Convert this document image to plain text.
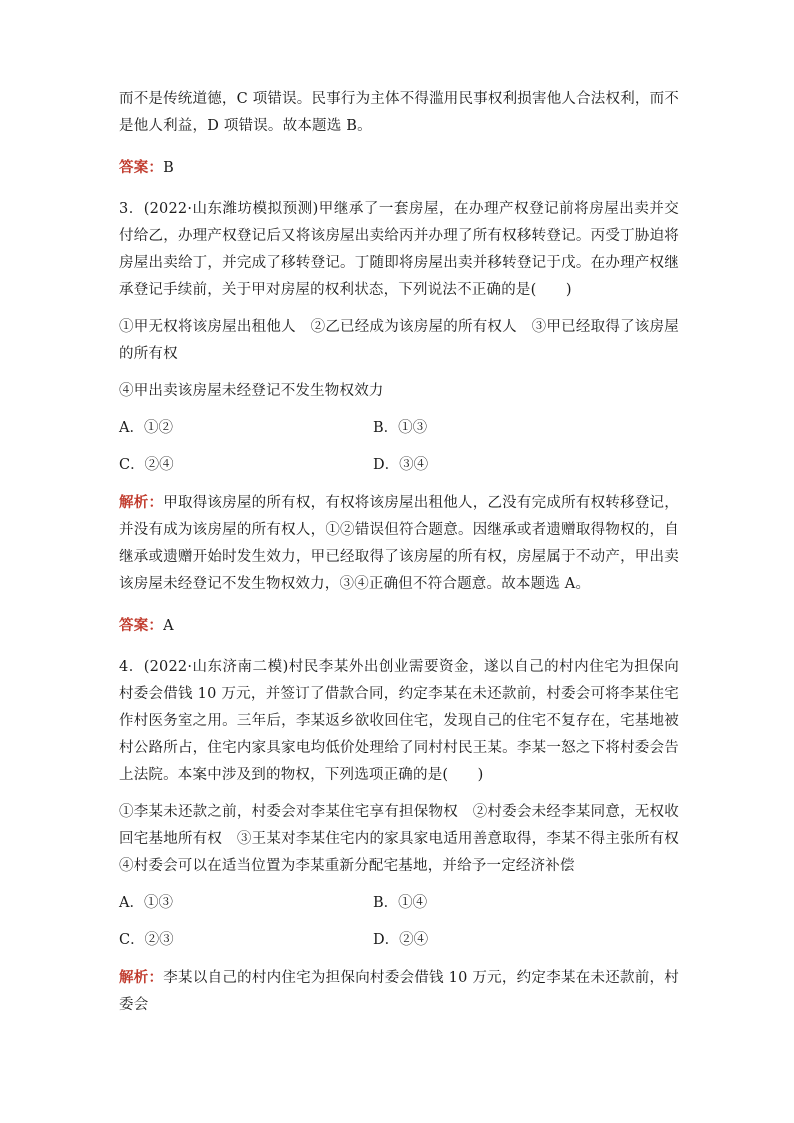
而不是传统道德，C 项错误。民事行为主体不得滥用民事权利损害他人合法权利，而不是他人利益，D 项错误。故本题选 B。

答案：B

3．(2022·山东潍坊模拟预测)甲继承了一套房屋，在办理产权登记前将房屋出卖并交付给乙，办理产权登记后又将该房屋出卖给丙并办理了所有权移转登记。丙受丁胁迫将房屋出卖给丁，并完成了移转登记。丁随即将房屋出卖并移转登记于戊。在办理产权继承登记手续前，关于甲对房屋的权利状态，下列说法不正确的是(　　)

①甲无权将该房屋出租他人　②乙已经成为该房屋的所有权人　③甲已经取得了该房屋的所有权

④甲出卖该房屋未经登记不发生物权效力

A．①②	B．①③
C．②④	D．③④

解析：甲取得该房屋的所有权，有权将该房屋出租他人，乙没有完成所有权转移登记，并没有成为该房屋的所有权人，①②错误但符合题意。因继承或者遗赠取得物权的，自继承或遗赠开始时发生效力，甲已经取得了该房屋的所有权，房屋属于不动产，甲出卖该房屋未经登记不发生物权效力，③④正确但不符合题意。故本题选 A。

答案：A

4．(2022·山东济南二模)村民李某外出创业需要资金，遂以自己的村内住宅为担保向村委会借钱 10 万元，并签订了借款合同，约定李某在未还款前，村委会可将李某住宅作村医务室之用。三年后，李某返乡欲收回住宅，发现自己的住宅不复存在，宅基地被村公路所占，住宅内家具家电均低价处理给了同村村民王某。李某一怒之下将村委会告上法院。本案中涉及到的物权，下列选项正确的是(　　)

①李某未还款之前，村委会对李某住宅享有担保物权　②村委会未经李某同意，无权收回宅基地所有权　③王某对李某住宅内的家具家电适用善意取得，李某不得主张所有权　④村委会可以在适当位置为李某重新分配宅基地，并给予一定经济补偿

A．①③	B．①④
C．②③	D．②④

解析：李某以自己的村内住宅为担保向村委会借钱 10 万元，约定李某在未还款前，村委会
